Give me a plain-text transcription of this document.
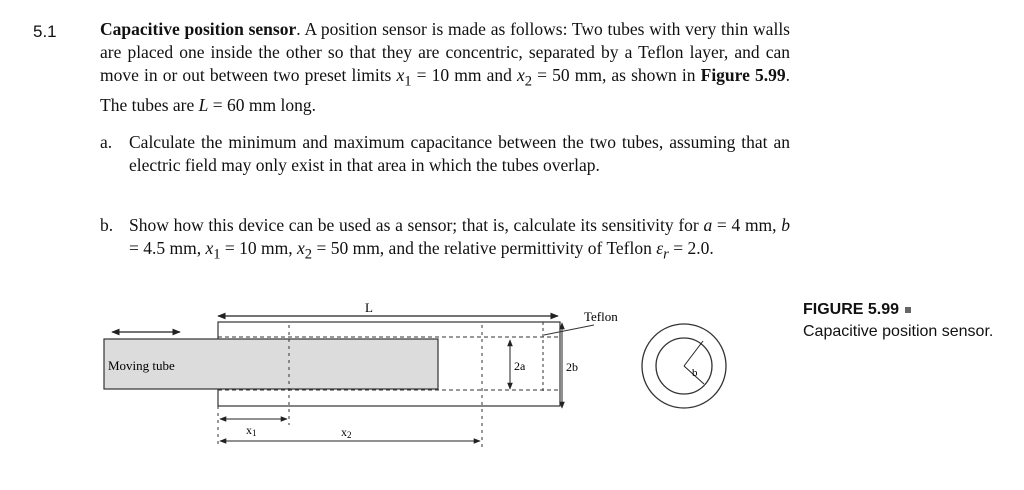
5.1 Capacitive position sensor. A position sensor is made as follows: Two tubes with very thin walls are placed one inside the other so that they are concentric, separated by a Teflon layer, and can move in or out between two preset limits $x_1 = 10$ mm and $x_2 = 50$ mm, as shown in Figure 5.99. The tubes are L = 60 mm long.

a. Calculate the minimum and maximum capacitance between the two tubes, assuming that an electric field may only exist in that area in which the tubes overlap.
b. Show how this device can be used as a sensor; that is, calculate its sensitivity for a = 4 mm, b = 4.5 mm, $x_1 = 10$ mm, $x_2 = 50$ mm, and the relative permittivity of Teflon $\varepsilon_r = 2.0$.
L
Moving tube	2a	2b
Teflon
x1	x2
b
FIGURE 5.99
Capacitive position sensor.
